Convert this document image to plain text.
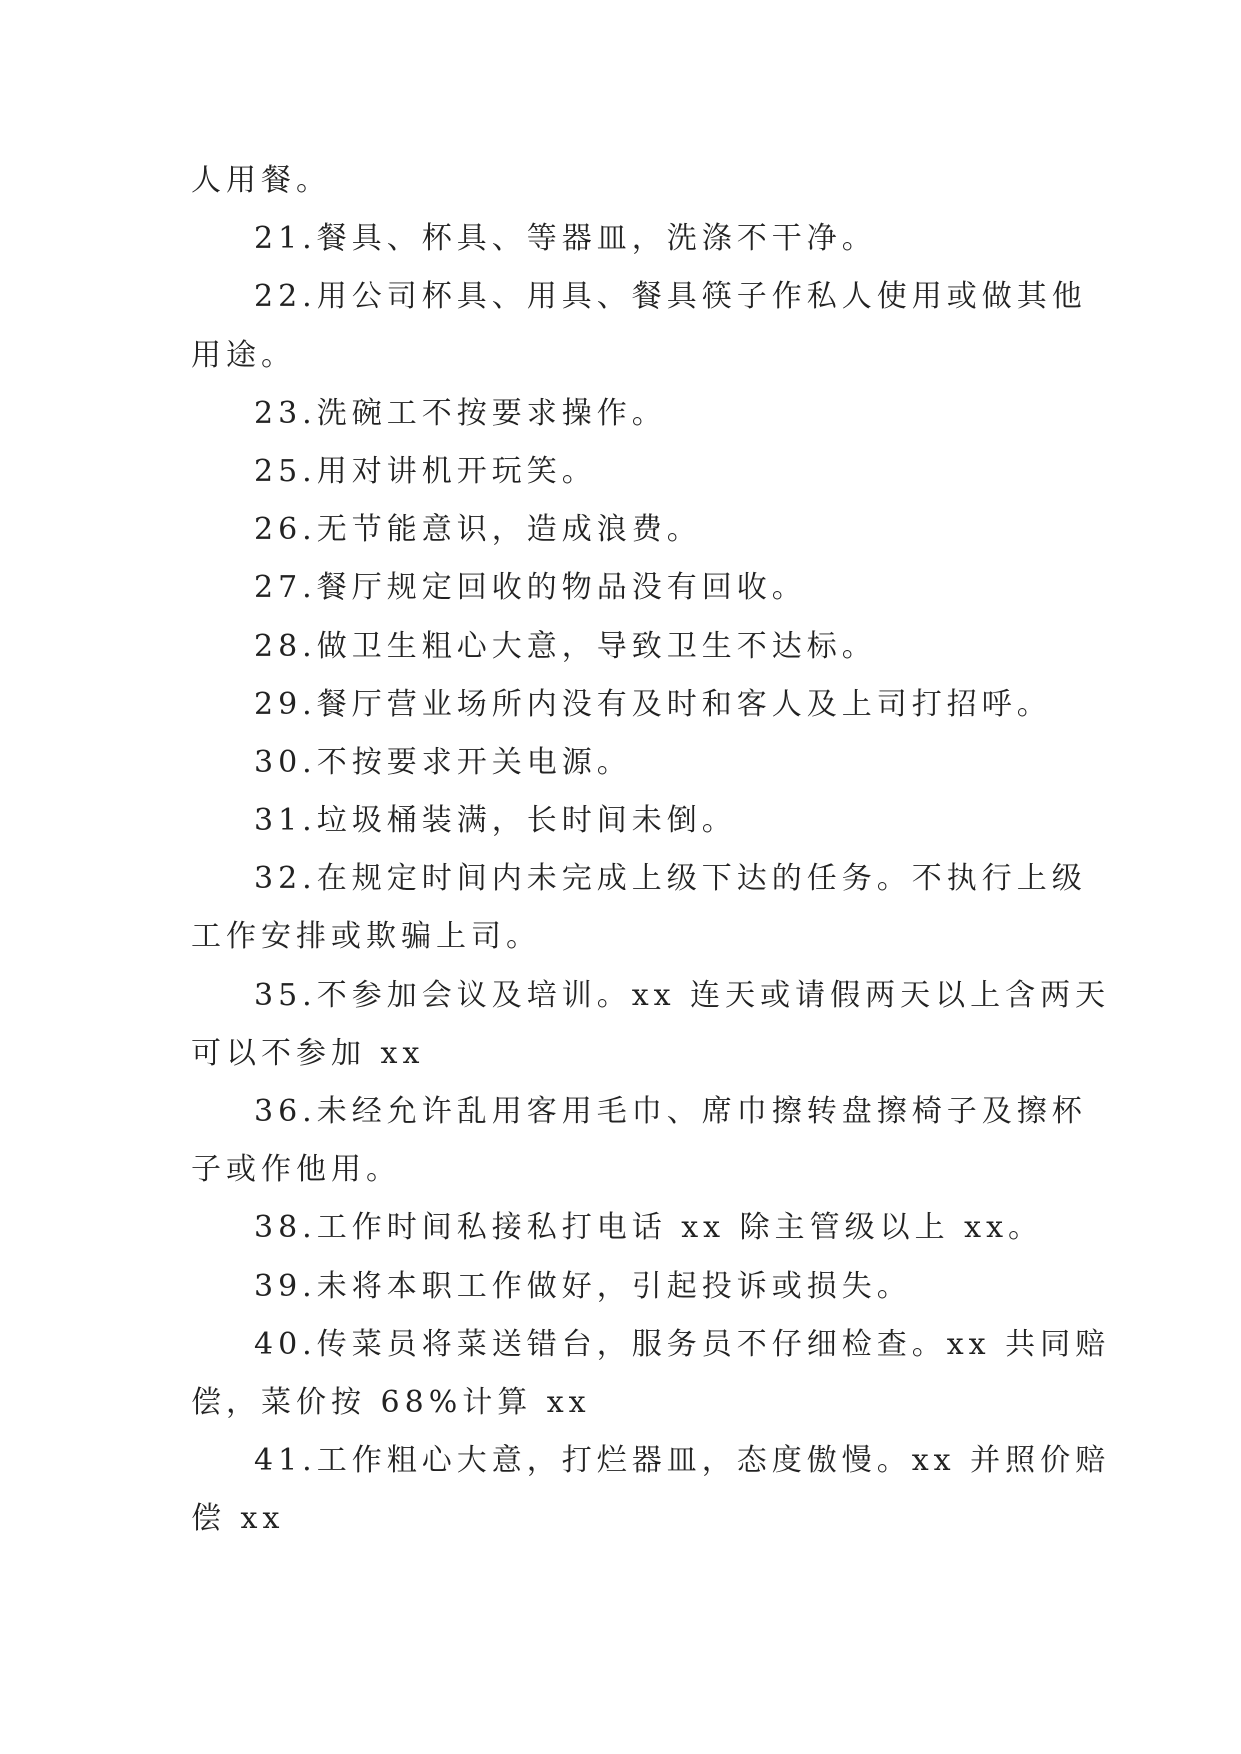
人用餐。
21.餐具、杯具、等器皿，洗涤不干净。
22.用公司杯具、用具、餐具筷子作私人使用或做其他
用途。
23.洗碗工不按要求操作。
25.用对讲机开玩笑。
26.无节能意识，造成浪费。
27.餐厅规定回收的物品没有回收。
28.做卫生粗心大意，导致卫生不达标。
29.餐厅营业场所内没有及时和客人及上司打招呼。
30.不按要求开关电源。
31.垃圾桶装满，长时间未倒。
32.在规定时间内未完成上级下达的任务。不执行上级
工作安排或欺骗上司。
35.不参加会议及培训。xx 连天或请假两天以上含两天
可以不参加 xx
36.未经允许乱用客用毛巾、席巾擦转盘擦椅子及擦杯
子或作他用。
38.工作时间私接私打电话 xx 除主管级以上 xx。
39.未将本职工作做好，引起投诉或损失。
40.传菜员将菜送错台，服务员不仔细检查。xx 共同赔
偿，菜价按 68%计算 xx
41.工作粗心大意，打烂器皿，态度傲慢。xx 并照价赔
偿 xx
